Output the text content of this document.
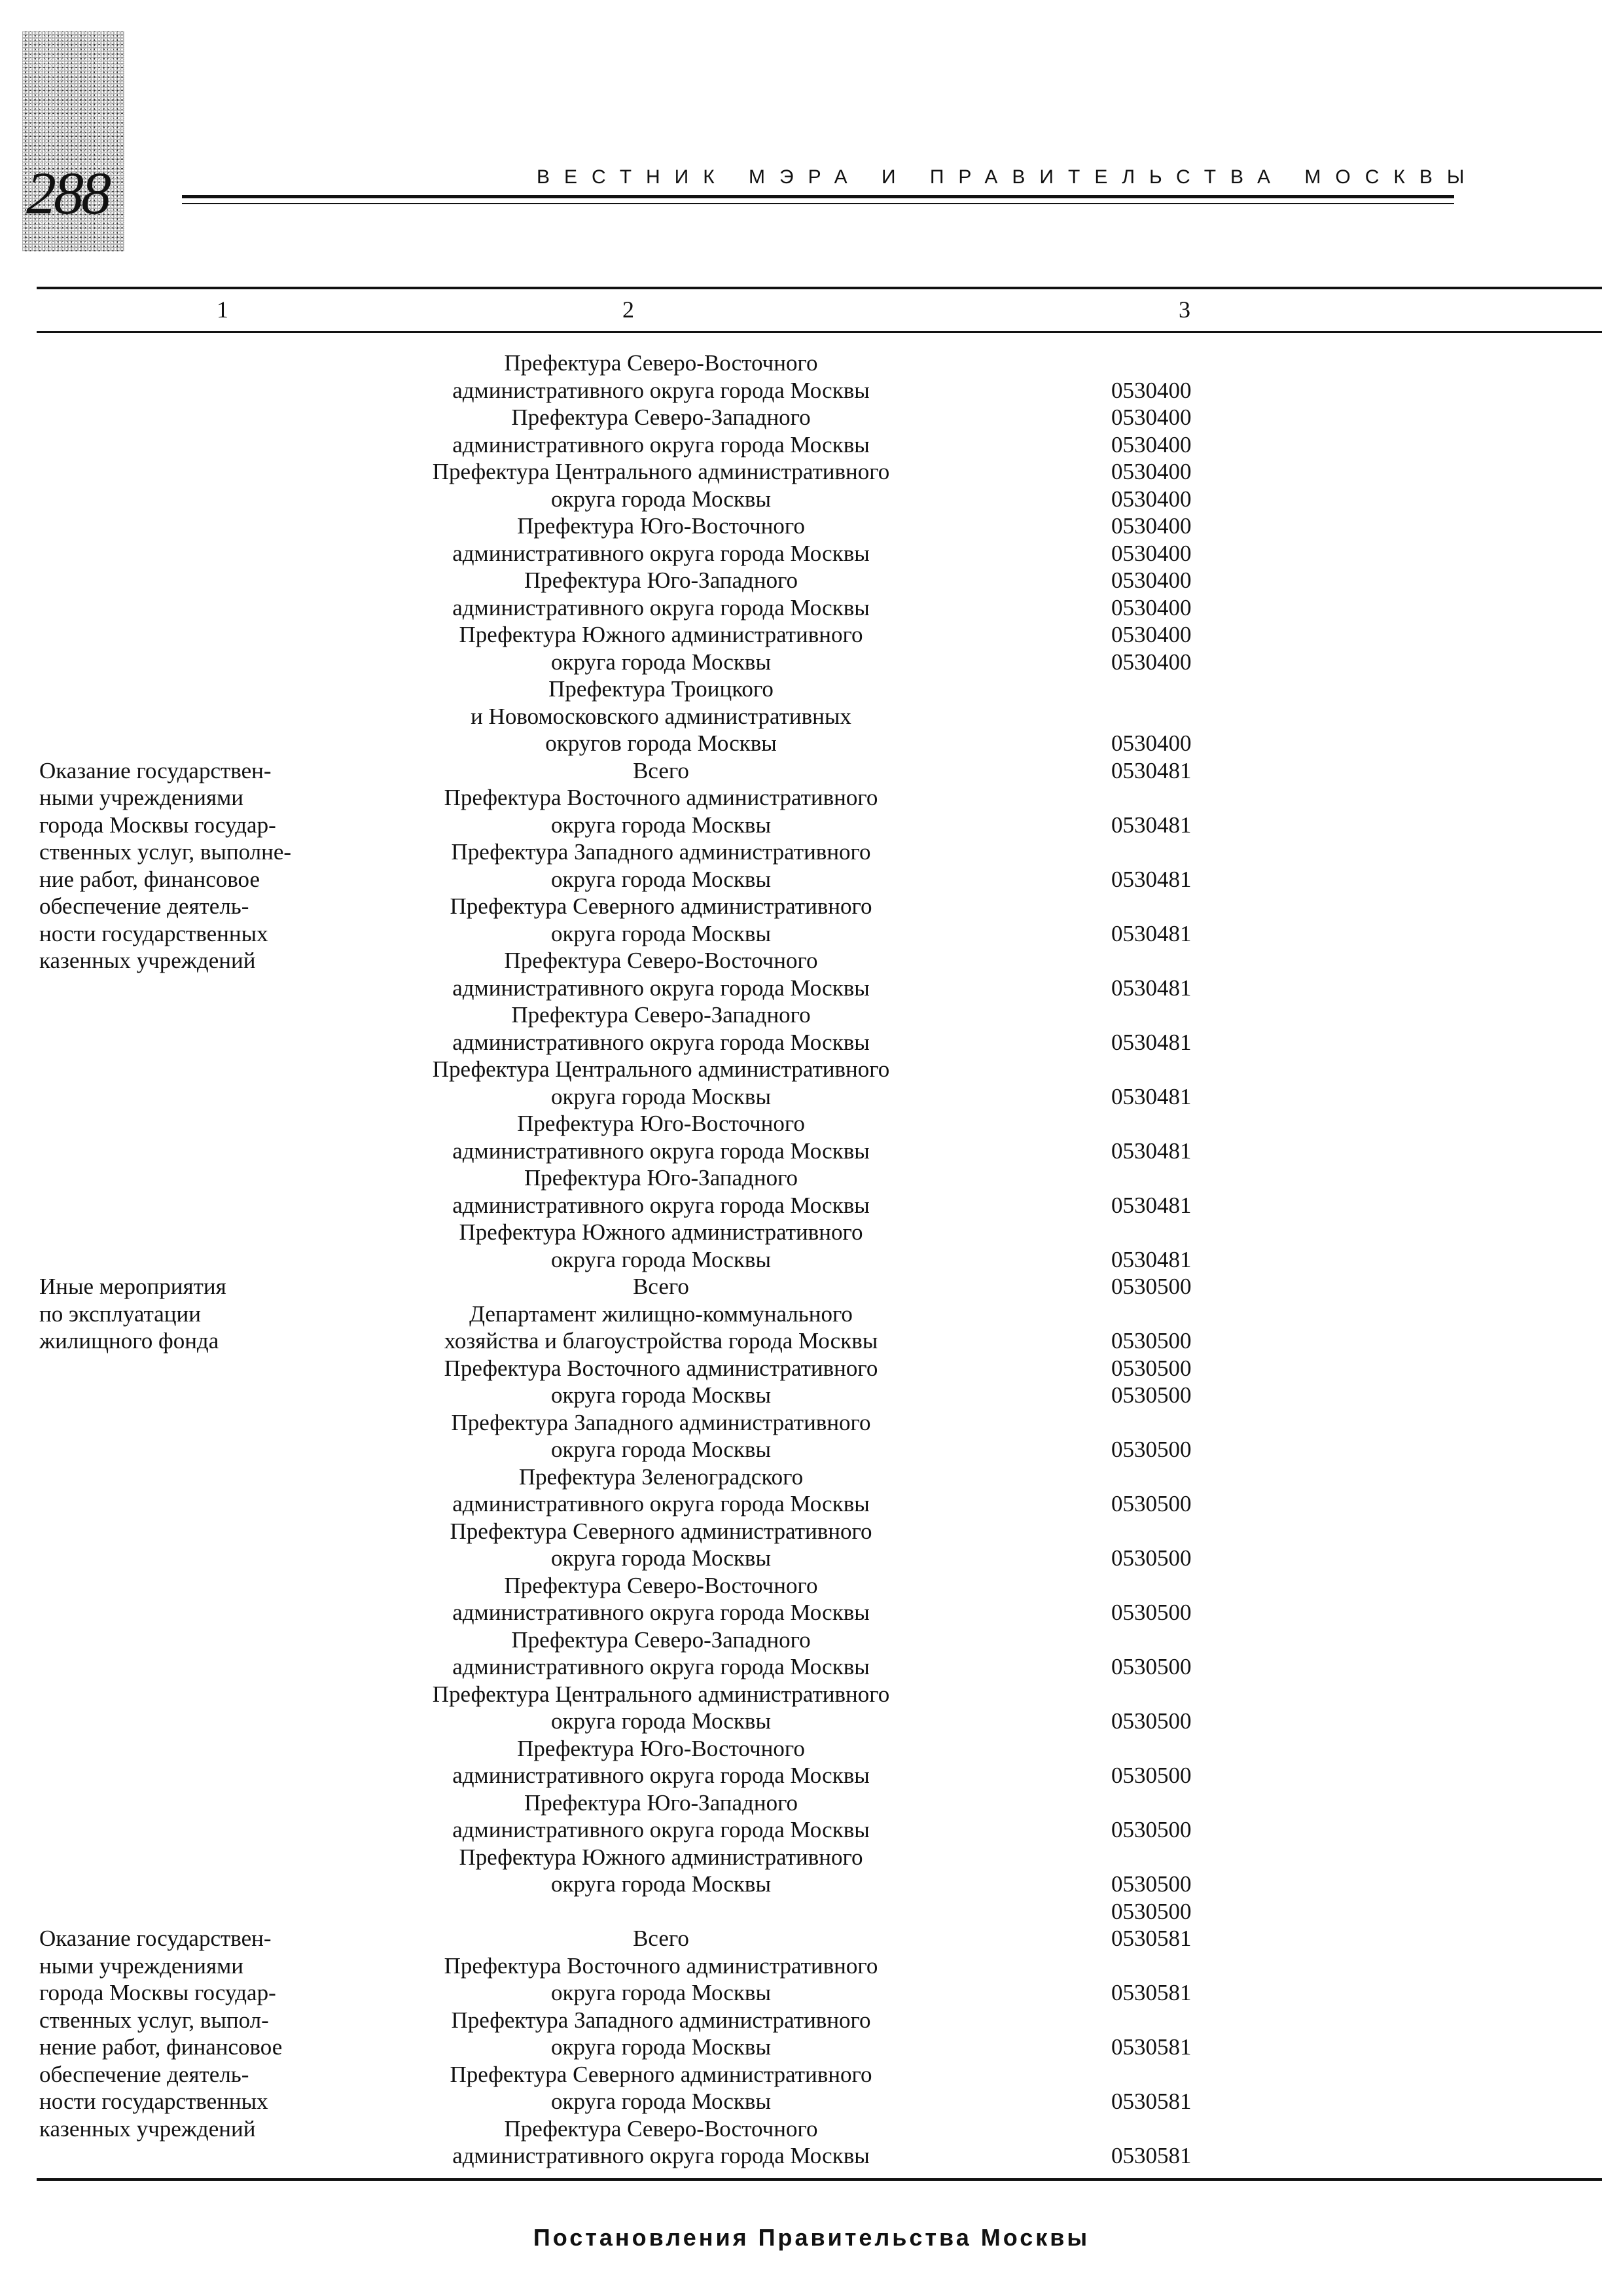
288	ВЕСТНИК МЭРА И ПРАВИТЕЛЬСТВА МОСКВЫ
1	2	3
Префектура Северо-Восточного
административного округа города Москвы	0530400
Префектура Северо-Западного	0530400
административного округа города Москвы	0530400
Префектура Центрального административного	0530400
округа города Москвы	0530400
Префектура Юго-Восточного	0530400
административного округа города Москвы	0530400
Префектура Юго-Западного	0530400
административного округа города Москвы	0530400
Префектура Южного административного	0530400
округа города Москвы	0530400
Префектура Троицкого
и Новомосковского административных
округов города Москвы	0530400
Оказание государствен-	Всего	0530481
ными учреждениями	Префектура Восточного административного
города Москвы государ-	округа города Москвы	0530481
ственных услуг, выполне-	Префектура Западного административного
ние работ, финансовое	округа города Москвы	0530481
обеспечение деятель-	Префектура Северного административного
ности государственных	округа города Москвы	0530481
казенных учреждений	Префектура Северо-Восточного
административного округа города Москвы	0530481
Префектура Северо-Западного
административного округа города Москвы	0530481
Префектура Центрального административного
округа города Москвы	0530481
Префектура Юго-Восточного
административного округа города Москвы	0530481
Префектура Юго-Западного
административного округа города Москвы	0530481
Префектура Южного административного
округа города Москвы	0530481
Иные мероприятия	Всего	0530500
по эксплуатации	Департамент жилищно-коммунального
жилищного фонда	хозяйства и благоустройства города Москвы	0530500
Префектура Восточного административного	0530500
округа города Москвы	0530500
Префектура Западного административного
округа города Москвы	0530500
Префектура Зеленоградского
административного округа города Москвы	0530500
Префектура Северного административного
округа города Москвы	0530500
Префектура Северо-Восточного
административного округа города Москвы	0530500
Префектура Северо-Западного
административного округа города Москвы	0530500
Префектура Центрального административного
округа города Москвы	0530500
Префектура Юго-Восточного
административного округа города Москвы	0530500
Префектура Юго-Западного
административного округа города Москвы	0530500
Префектура Южного административного
округа города Москвы	0530500
0530500
Оказание государствен-	Всего	0530581
ными учреждениями	Префектура Восточного административного
города Москвы государ-	округа города Москвы	0530581
ственных услуг, выпол-	Префектура Западного административного
нение работ, финансовое	округа города Москвы	0530581
обеспечение деятель-	Префектура Северного административного
ности государственных	округа города Москвы	0530581
казенных учреждений	Префектура Северо-Восточного
административного округа города Москвы	0530581
Постановления Правительства Москвы
